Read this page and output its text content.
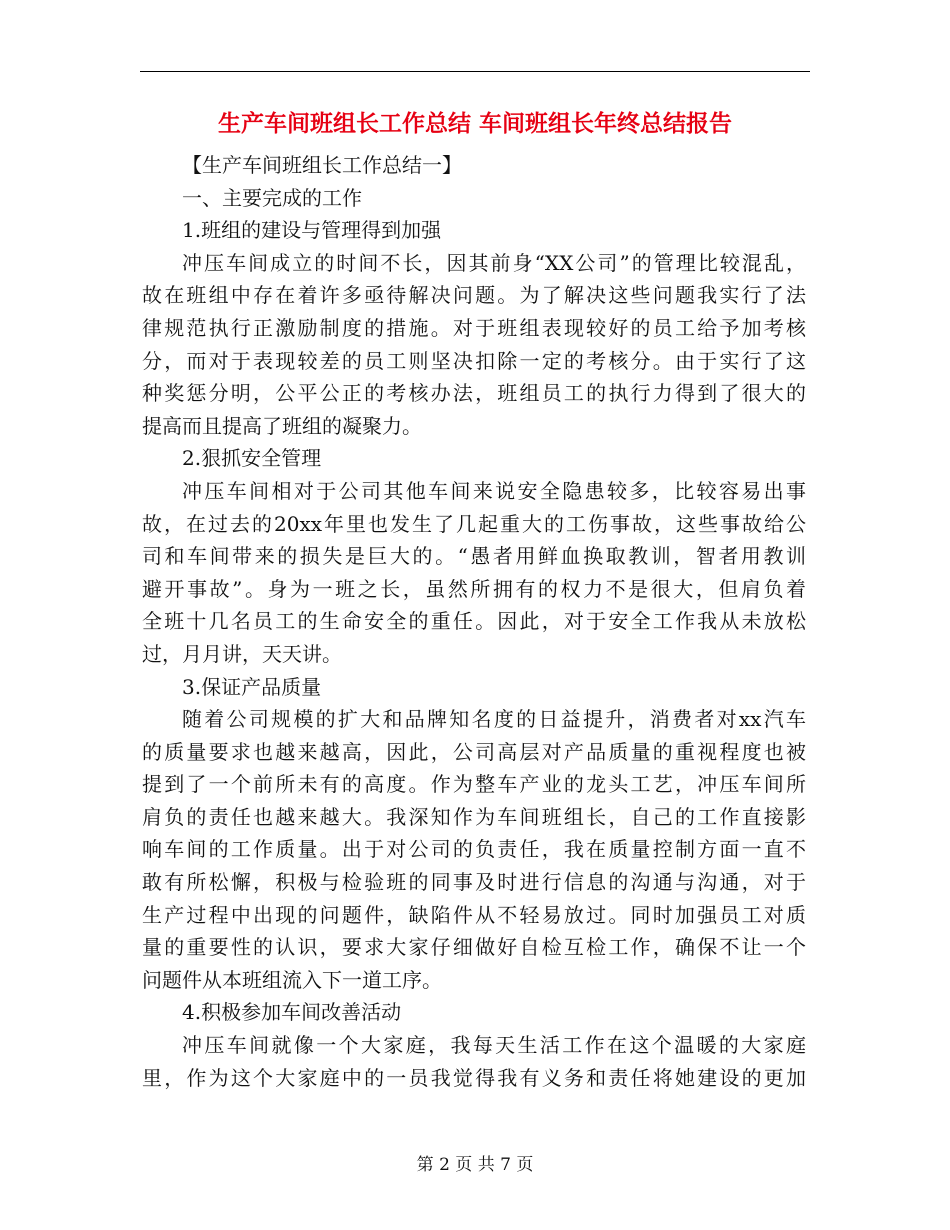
生产车间班组长工作总结 车间班组长年终总结报告
【生产车间班组长工作总结一】
一、主要完成的工作
1.班组的建设与管理得到加强
冲压车间成立的时间不长，因其前身“XX公司”的管理比较混乱，
故在班组中存在着许多亟待解决问题。为了解决这些问题我实行了法
律规范执行正激励制度的措施。对于班组表现较好的员工给予加考核
分，而对于表现较差的员工则坚决扣除一定的考核分。由于实行了这
种奖惩分明，公平公正的考核办法，班组员工的执行力得到了很大的
提高而且提高了班组的凝聚力。
2.狠抓安全管理
冲压车间相对于公司其他车间来说安全隐患较多，比较容易出事
故，在过去的20xx年里也发生了几起重大的工伤事故，这些事故给公
司和车间带来的损失是巨大的。“愚者用鲜血换取教训，智者用教训
避开事故”。身为一班之长，虽然所拥有的权力不是很大，但肩负着
全班十几名员工的生命安全的重任。因此，对于安全工作我从未放松
过，月月讲，天天讲。
3.保证产品质量
随着公司规模的扩大和品牌知名度的日益提升，消费者对xx汽车
的质量要求也越来越高，因此，公司高层对产品质量的重视程度也被
提到了一个前所未有的高度。作为整车产业的龙头工艺，冲压车间所
肩负的责任也越来越大。我深知作为车间班组长，自己的工作直接影
响车间的工作质量。出于对公司的负责任，我在质量控制方面一直不
敢有所松懈，积极与检验班的同事及时进行信息的沟通与沟通，对于
生产过程中出现的问题件，缺陷件从不轻易放过。同时加强员工对质
量的重要性的认识，要求大家仔细做好自检互检工作，确保不让一个
问题件从本班组流入下一道工序。
4.积极参加车间改善活动
冲压车间就像一个大家庭，我每天生活工作在这个温暖的大家庭
里，作为这个大家庭中的一员我觉得我有义务和责任将她建设的更加
第 2 页 共 7 页
